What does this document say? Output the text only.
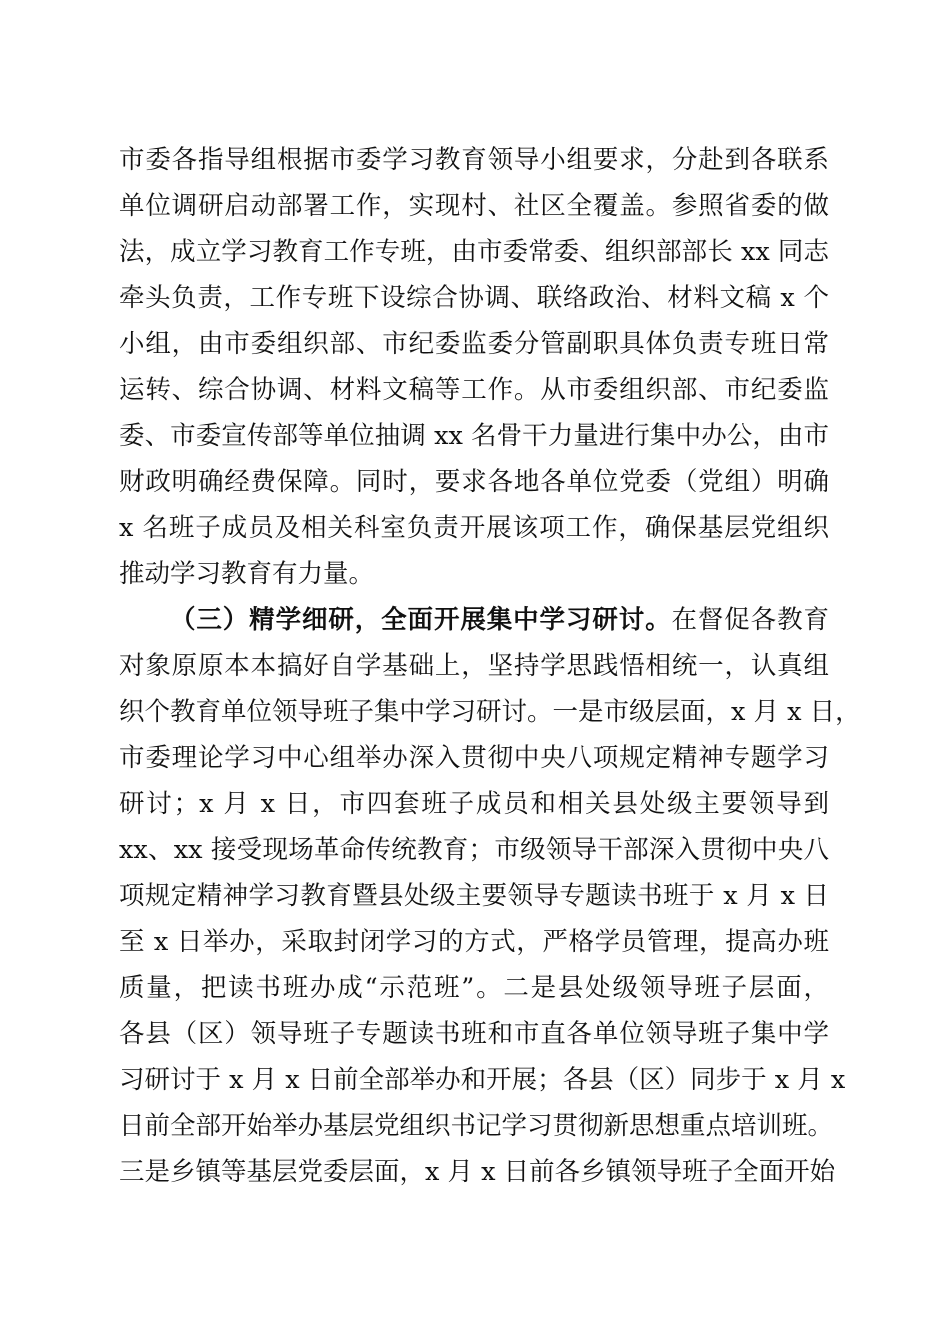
市委各指导组根据市委学习教育领导小组要求，分赴到各联系
单位调研启动部署工作，实现村、社区全覆盖。参照省委的做
法，成立学习教育工作专班，由市委常委、组织部部长 xx 同志
牵头负责，工作专班下设综合协调、联络政治、材料文稿 x 个
小组，由市委组织部、市纪委监委分管副职具体负责专班日常
运转、综合协调、材料文稿等工作。从市委组织部、市纪委监
委、市委宣传部等单位抽调 xx 名骨干力量进行集中办公，由市
财政明确经费保障。同时，要求各地各单位党委（党组）明确
x 名班子成员及相关科室负责开展该项工作，确保基层党组织
推动学习教育有力量。
（三）精学细研，全面开展集中学习研讨。在督促各教育
对象原原本本搞好自学基础上，坚持学思践悟相统一，认真组
织个教育单位领导班子集中学习研讨。一是市级层面，x 月 x 日，
市委理论学习中心组举办深入贯彻中央八项规定精神专题学习
研讨；x 月 x 日，市四套班子成员和相关县处级主要领导到
xx、xx 接受现场革命传统教育；市级领导干部深入贯彻中央八
项规定精神学习教育暨县处级主要领导专题读书班于 x 月 x 日
至 x 日举办，采取封闭学习的方式，严格学员管理，提高办班
质量，把读书班办成“示范班”。二是县处级领导班子层面，
各县（区）领导班子专题读书班和市直各单位领导班子集中学
习研讨于 x 月 x 日前全部举办和开展；各县（区）同步于 x 月 x
日前全部开始举办基层党组织书记学习贯彻新思想重点培训班。
三是乡镇等基层党委层面，x 月 x 日前各乡镇领导班子全面开始
